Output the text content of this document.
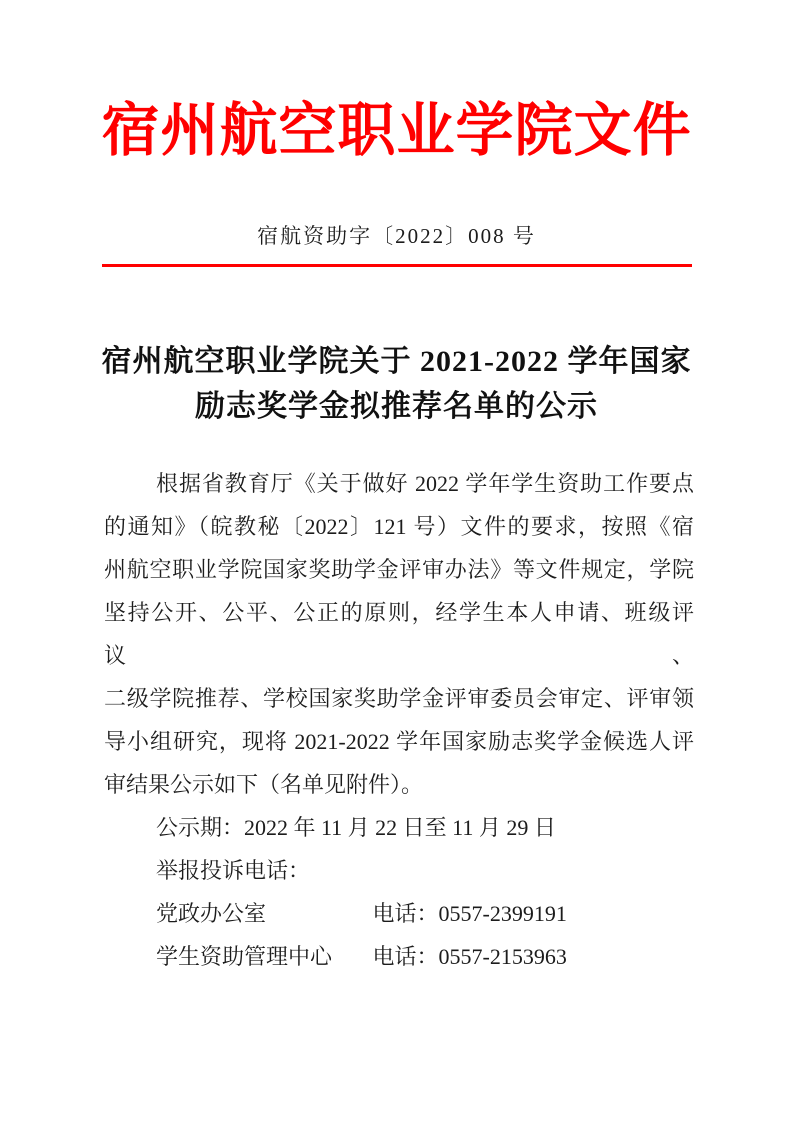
宿州航空职业学院文件
宿航资助字〔2022〕008 号
宿州航空职业学院关于 2021-2022 学年国家
励志奖学金拟推荐名单的公示
根据省教育厅《关于做好 2022 学年学生资助工作要点
的通知》（皖教秘〔2022〕121 号）文件的要求，按照《宿
州航空职业学院国家奖助学金评审办法》等文件规定，学院
坚持公开、公平、公正的原则，经学生本人申请、班级评议、
二级学院推荐、学校国家奖助学金评审委员会审定、评审领
导小组研究，现将 2021-2022 学年国家励志奖学金候选人评
审结果公示如下（名单见附件）。
公示期：2022 年 11 月 22 日至 11 月 29 日
举报投诉电话：
党政办公室	电话：0557-2399191
学生资助管理中心 电话：0557-2153963
